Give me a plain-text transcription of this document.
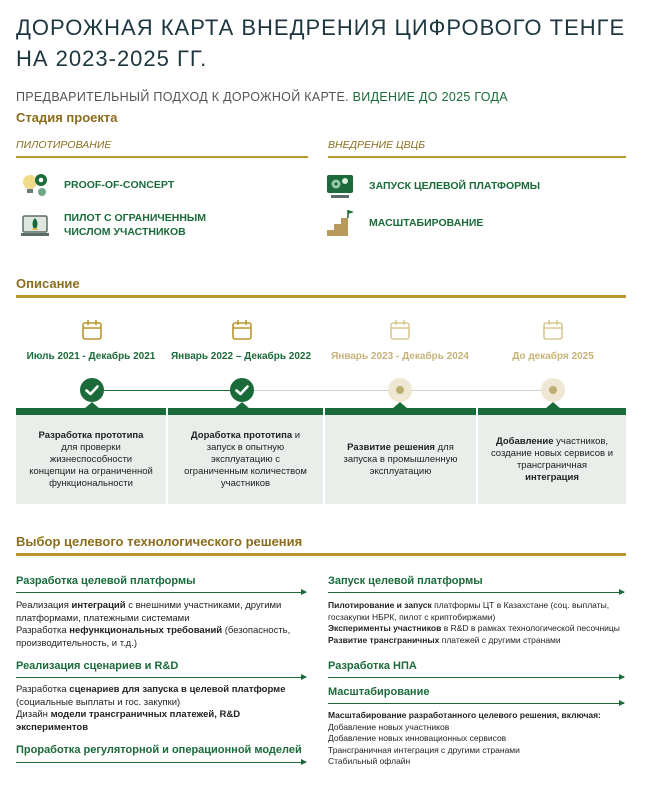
ДОРОЖНАЯ КАРТА ВНЕДРЕНИЯ ЦИФРОВОГО ТЕНГЕ НА 2023-2025 ГГ.
ПРЕДВАРИТЕЛЬНЫЙ ПОДХОД К ДОРОЖНОЙ КАРТЕ. ВИДЕНИЕ ДО 2025 ГОДА
Стадия проекта
ПИЛОТИРОВАНИЕ	ВНЕДРЕНИЕ ЦВЦБ
PROOF-OF-CONCEPT
ПИЛОТ С ОГРАНИЧЕННЫМ
ЧИСЛОМ УЧАСТНИКОВ
ЗАПУСК ЦЕЛЕВОЙ ПЛАТФОРМЫ
МАСШТАБИРОВАНИЕ
Описание
Июль 2021 - Декабрь 2021	Январь 2022 – Декабрь 2022	Январь 2023 - Декабрь 2024	До декабря 2025
Разработка прототипа
для проверки жизнеспособности концепции на ограниченной функциональности
Доработка прототипа и запуск в опытную эксплуатацию с ограниченным количеством участников
Развитие решения для запуска в промышленную эксплуатацию
Добавление участников, создание новых сервисов и трансграничная
интеграция
Выбор целевого технологического решения
Разработка целевой платформы
Реализация интеграций с внешними участниками, другими платформами, платежными системами
Разработка нефункциональных требований (безопасность, производительность, и т.д.)
Реализация сценариев и R&D
Разработка сценариев для запуска в целевой платформе (социальные выплаты и гос. закупки)
Дизайн модели трансграничных платежей, R&D экспериментов
Проработка регуляторной и операционной моделей
Запуск целевой платформы
Пилотирование и запуск платформы ЦТ в Казахстане (соц. выплаты, госзакупки НБРК, пилот с криптобиржами)
Эксперименты участников в R&D в рамках технологической песочницы
Развитие трансграничных платежей с другими странами
Разработка НПА
Масштабирование
Масштабирование разработанного целевого решения, включая:
Добавление новых участников
Добавление новых инновационных сервисов
Трансграничная интеграция с другими странами
Стабильный офлайн
